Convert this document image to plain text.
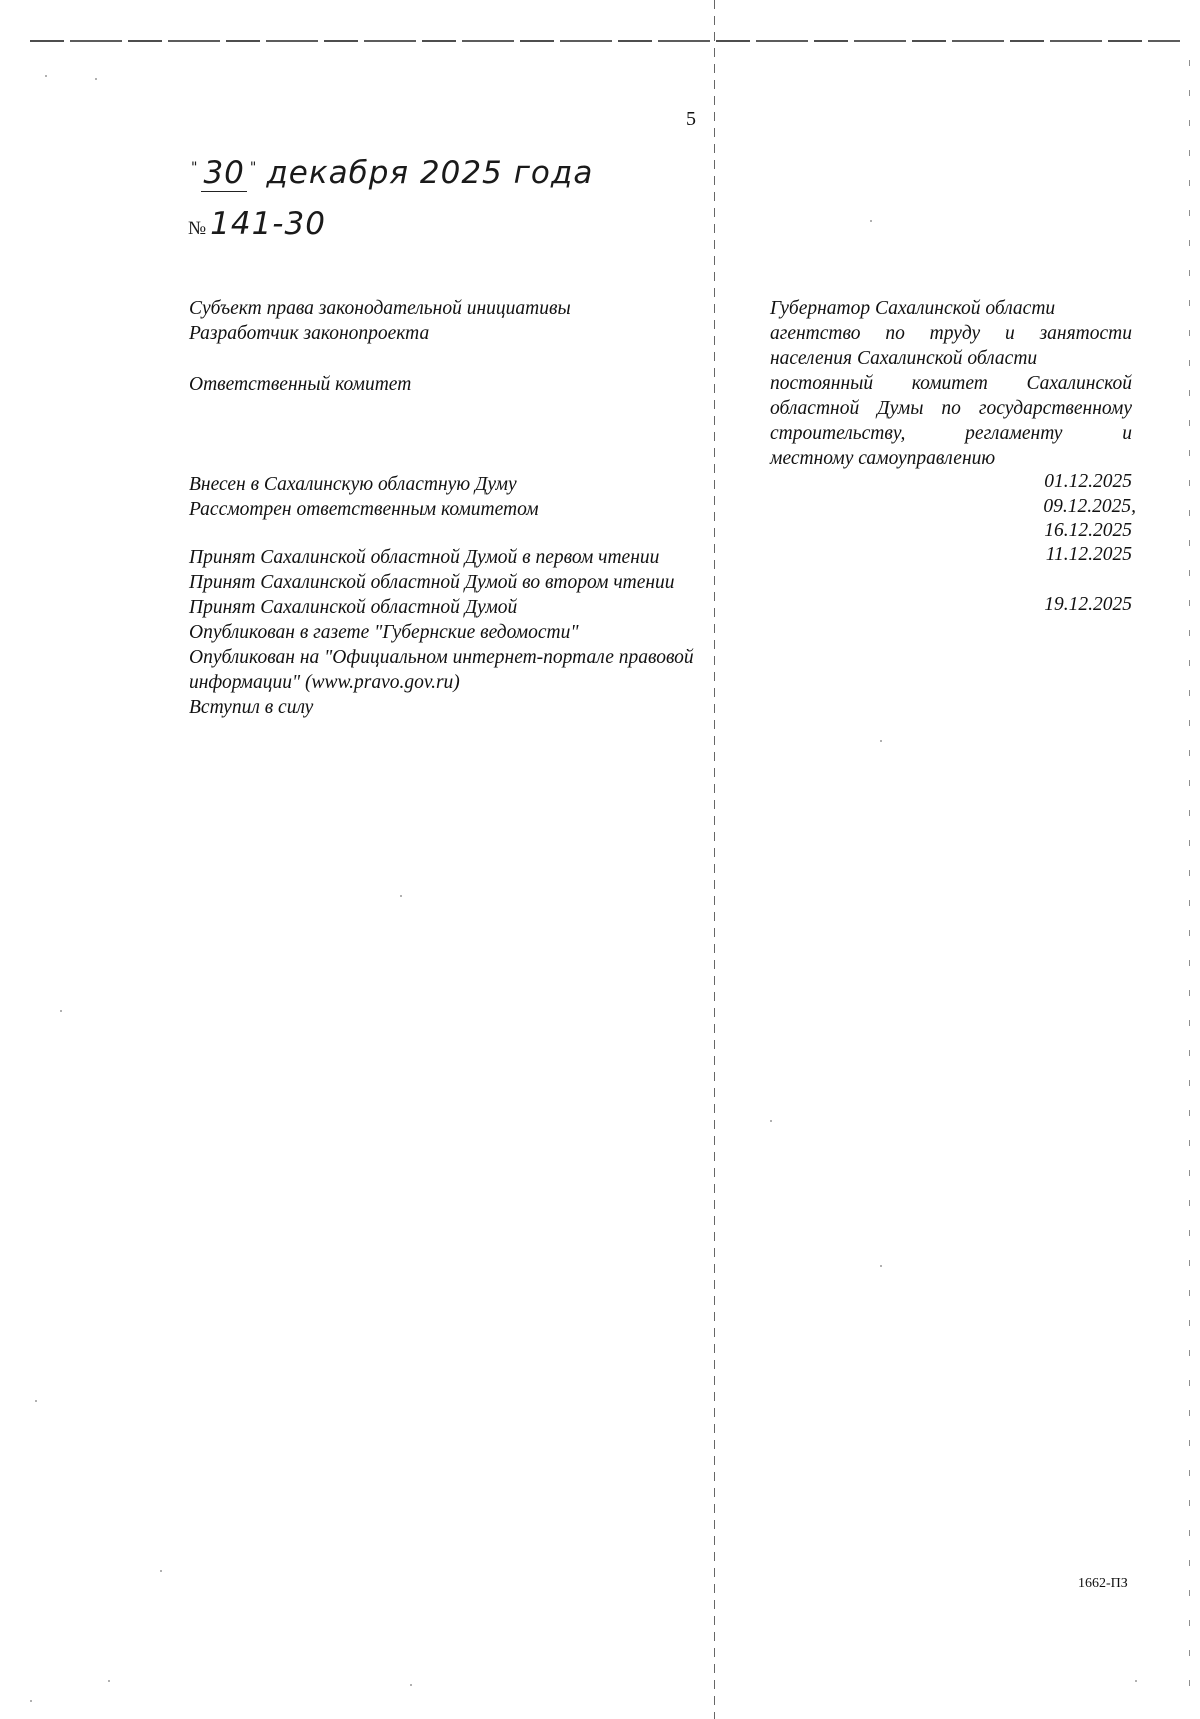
5
" 30 " декабря 2025 года
№ 141-30
Субъект права законодательной инициативы
Разработчик законопроекта
Ответственный комитет
Губернатор Сахалинской области
агентство по труду и занятости
населения Сахалинской области
постоянный комитет Сахалинской
областной Думы по государственному
строительству, регламенту и
местному самоуправлению
Внесен в Сахалинскую областную Думу
Рассмотрен ответственным комитетом
Принят Сахалинской областной Думой в первом чтении
Принят Сахалинской областной Думой во втором чтении
Принят Сахалинской областной Думой
Опубликован в газете "Губернские ведомости"
Опубликован на "Официальном интернет-портале правовой
информации" (www.pravo.gov.ru)
Вступил в силу
01.12.2025
09.12.2025,
16.12.2025
11.12.2025
19.12.2025
1662-ПЗ
